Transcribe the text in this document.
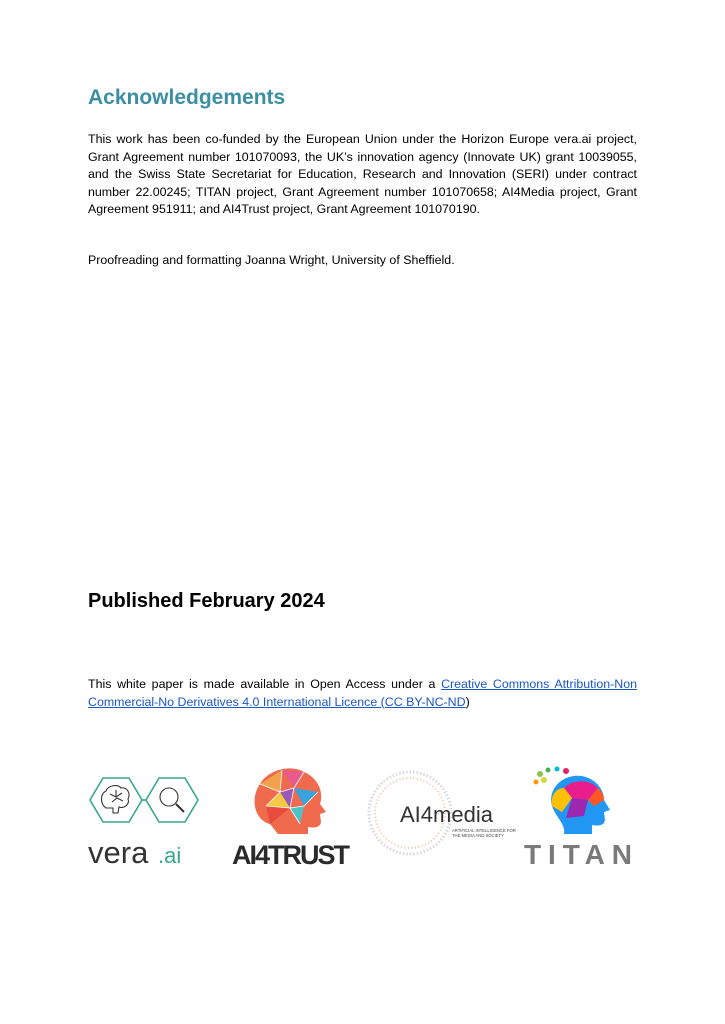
Acknowledgements

This work has been co-funded by the European Union under the Horizon Europe vera.ai project, Grant Agreement number 101070093, the UK’s innovation agency (Innovate UK) grant 10039055, and the Swiss State Secretariat for Education, Research and Innovation (SERI) under contract number 22.00245; TITAN project, Grant Agreement number 101070658; AI4Media project, Grant Agreement 951911; and AI4Trust project, Grant Agreement 101070190.

Proofreading and formatting Joanna Wright, University of Sheffield.

Published February 2024

This white paper is made available in Open Access under a Creative Commons Attribution-Non Commercial-No Derivatives 4.0 International Licence (CC BY-NC-ND)

vera .ai AI4TRUST
AI4media
ARTIFICIAL INTELLIGENCE FOR
THE MEDIA AND SOCIETY
TITAN
